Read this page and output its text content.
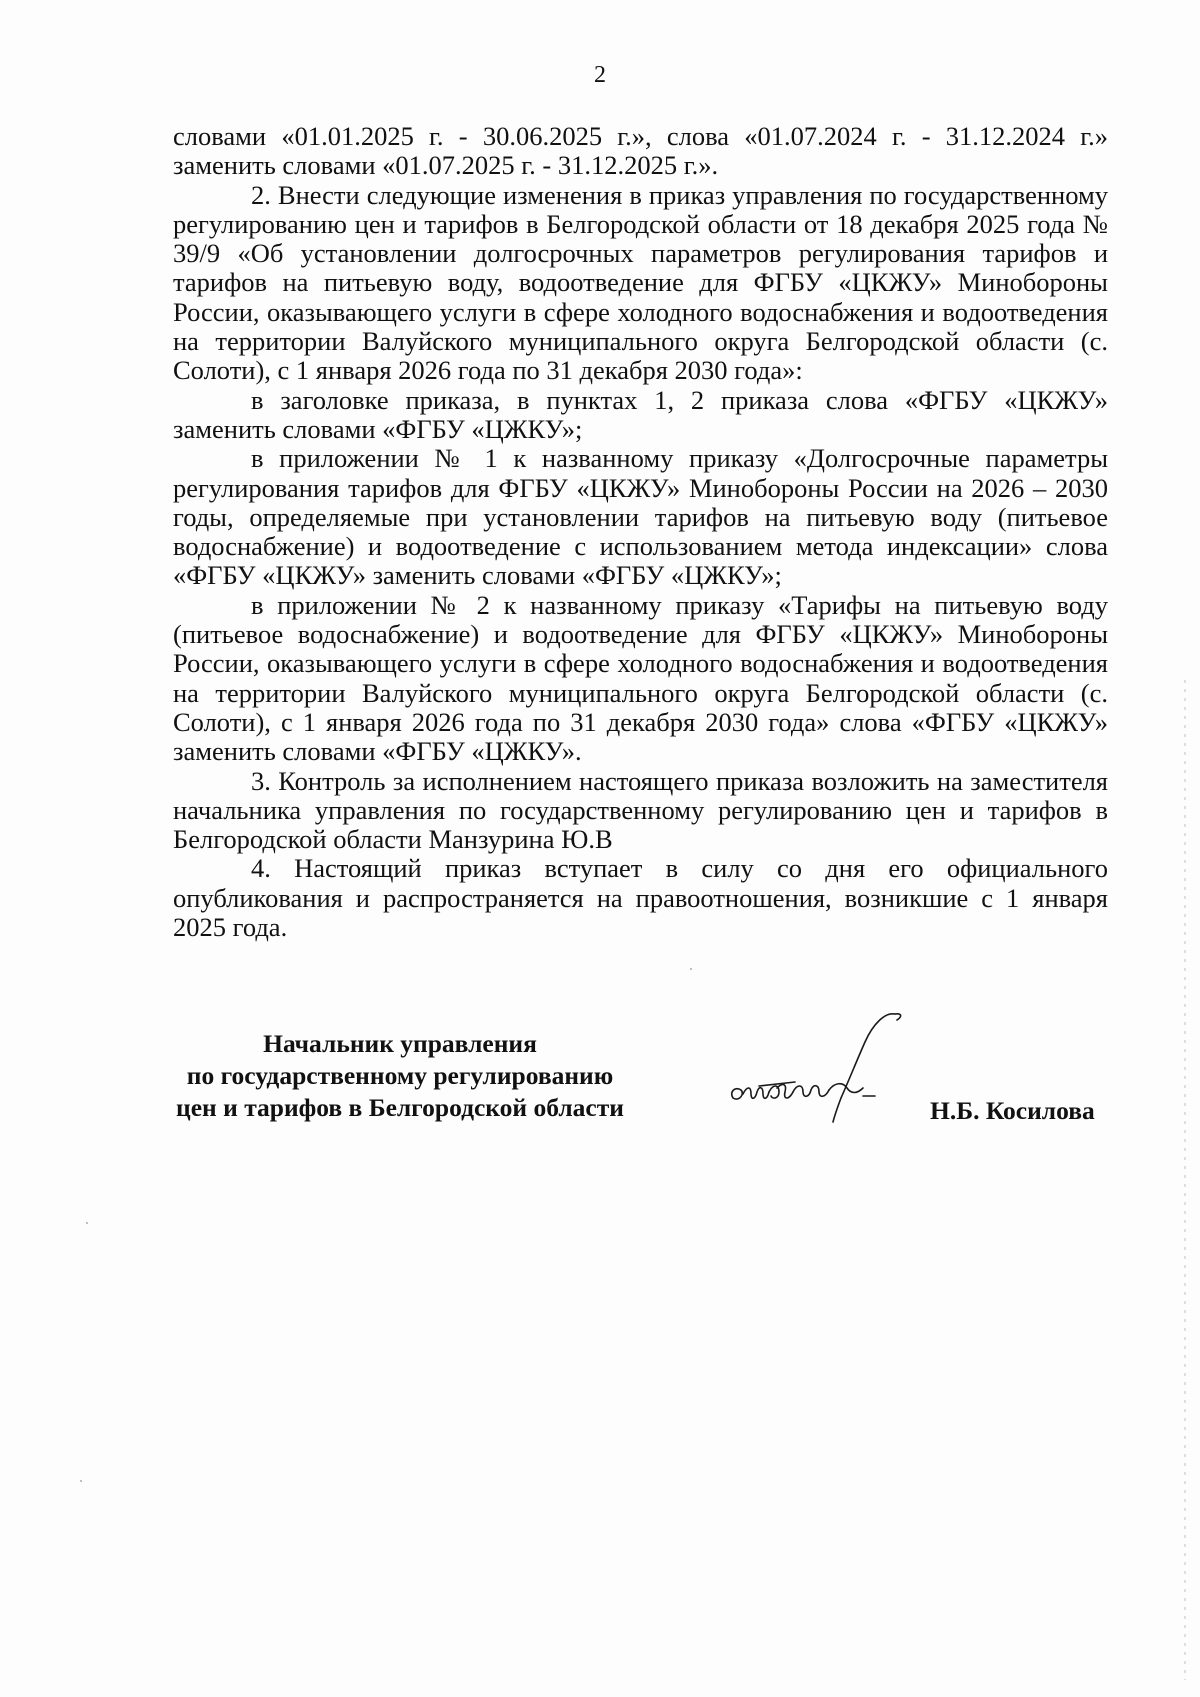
2

словами «01.01.2025 г. - 30.06.2025 г.», слова «01.07.2024 г. - 31.12.2024 г.» заменить словами «01.07.2025 г. - 31.12.2025 г.».

2. Внести следующие изменения в приказ управления по государственному регулированию цен и тарифов в Белгородской области от 18 декабря 2025 года № 39/9 «Об установлении долгосрочных параметров регулирования тарифов и тарифов на питьевую воду, водоотведение для ФГБУ «ЦКЖУ» Минобороны России, оказывающего услуги в сфере холодного водоснабжения и водоотведения на территории Валуйского муниципального округа Белгородской области (с. Солоти), с 1 января 2026 года по 31 декабря 2030 года»:

в заголовке приказа, в пунктах 1, 2 приказа слова «ФГБУ «ЦКЖУ» заменить словами «ФГБУ «ЦЖКУ»;

в приложении № 1 к названному приказу «Долгосрочные параметры регулирования тарифов для ФГБУ «ЦКЖУ» Минобороны России на 2026 – 2030 годы, определяемые при установлении тарифов на питьевую воду (питьевое водоснабжение) и водоотведение с использованием метода индексации» слова «ФГБУ «ЦКЖУ» заменить словами «ФГБУ «ЦЖКУ»;

в приложении № 2 к названному приказу «Тарифы на питьевую воду (питьевое водоснабжение) и водоотведение для ФГБУ «ЦКЖУ» Минобороны России, оказывающего услуги в сфере холодного водоснабжения и водоотведения на территории Валуйского муниципального округа Белгородской области (с. Солоти), с 1 января 2026 года по 31 декабря 2030 года» слова «ФГБУ «ЦКЖУ» заменить словами «ФГБУ «ЦЖКУ».

3. Контроль за исполнением настоящего приказа возложить на заместителя начальника управления по государственному регулированию цен и тарифов в Белгородской области Манзурина Ю.В

4. Настоящий приказ вступает в силу со дня его официального опубликования и распространяется на правоотношения, возникшие с 1 января 2025 года.

Начальник управления
по государственному регулированию
цен и тарифов в Белгородской области	Н.Б. Косилова
